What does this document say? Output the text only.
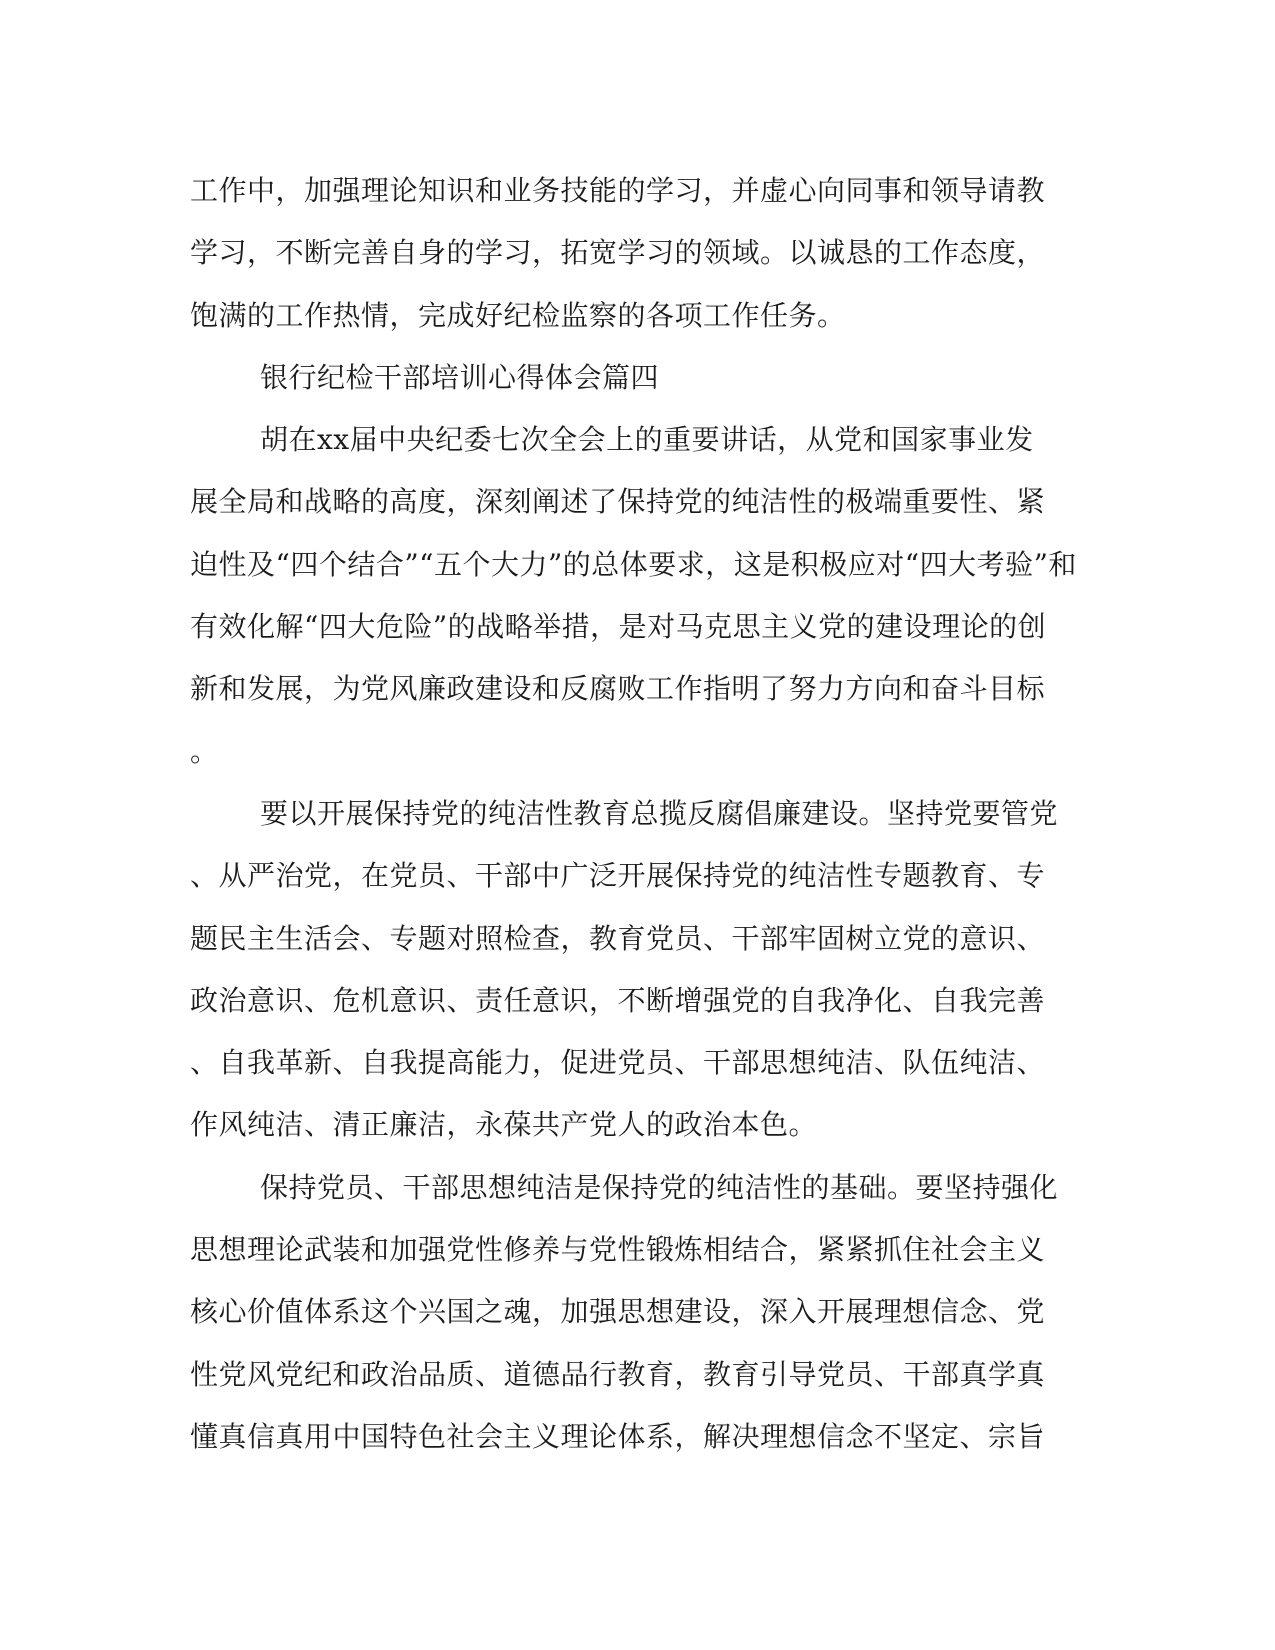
工作中，加强理论知识和业务技能的学习，并虚心向同事和领导请教
学习，不断完善自身的学习，拓宽学习的领域。以诚恳的工作态度，
饱满的工作热情，完成好纪检监察的各项工作任务。
银行纪检干部培训心得体会篇四
胡在xx届中央纪委七次全会上的重要讲话，从党和国家事业发
展全局和战略的高度，深刻阐述了保持党的纯洁性的极端重要性、紧
迫性及“四个结合”“五个大力”的总体要求，这是积极应对“四大考验”和
有效化解“四大危险”的战略举措，是对马克思主义党的建设理论的创
新和发展，为党风廉政建设和反腐败工作指明了努力方向和奋斗目标
。
要以开展保持党的纯洁性教育总揽反腐倡廉建设。坚持党要管党
、从严治党，在党员、干部中广泛开展保持党的纯洁性专题教育、专
题民主生活会、专题对照检查，教育党员、干部牢固树立党的意识、
政治意识、危机意识、责任意识，不断增强党的自我净化、自我完善
、自我革新、自我提高能力，促进党员、干部思想纯洁、队伍纯洁、
作风纯洁、清正廉洁，永葆共产党人的政治本色。
保持党员、干部思想纯洁是保持党的纯洁性的基础。要坚持强化
思想理论武装和加强党性修养与党性锻炼相结合，紧紧抓住社会主义
核心价值体系这个兴国之魂，加强思想建设，深入开展理想信念、党
性党风党纪和政治品质、道德品行教育，教育引导党员、干部真学真
懂真信真用中国特色社会主义理论体系，解决理想信念不坚定、宗旨
